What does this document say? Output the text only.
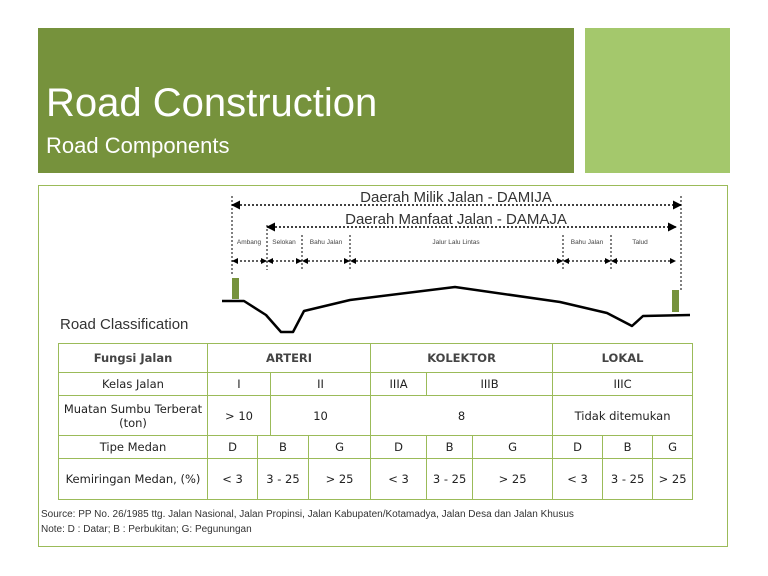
Road Construction
Road Components
Daerah Milik Jalan - DAMIJA
Daerah Manfaat Jalan - DAMAJA
Ambang Selokan Bahu Jalan	Jalur Lalu Lintas	Bahu Jalan	Talud
Road Classification
Fungsi Jalan	ARTERI				KOLEKTOR			LOKAL		
Kelas Jalan	I		II		IIIA	IIIB		IIIC		
Muatan Sumbu Terberat (ton)	> 10		10		8			Tidak ditemukan		
Tipe Medan	D	B		G	D	B	G	D	B	G
Kemiringan Medan, (%)	< 3	3 - 25		> 25	< 3	3 - 25	> 25	< 3	3 - 25	> 25
Source: PP No. 26/1985 ttg. Jalan Nasional, Jalan Propinsi, Jalan Kabupaten/Kotamadya, Jalan Desa dan Jalan Khusus
Note: D : Datar; B : Perbukitan; G: Pegunungan
